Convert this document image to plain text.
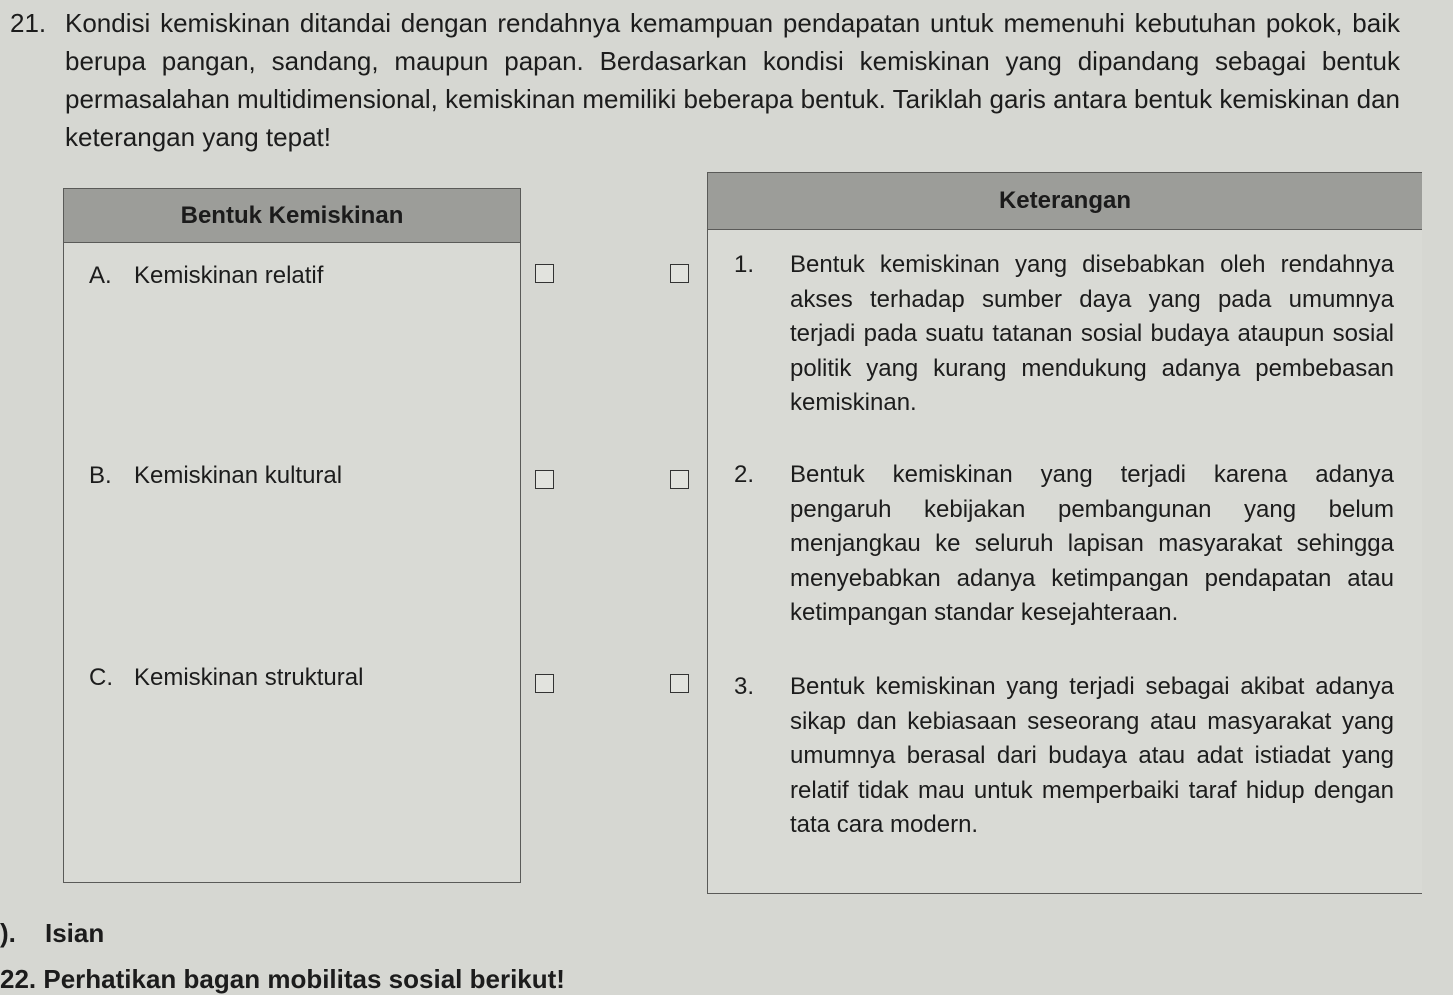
21. Kondisi kemiskinan ditandai dengan rendahnya kemampuan pendapatan untuk memenuhi kebutuhan pokok, baik berupa pangan, sandang, maupun papan. Berdasarkan kondisi kemiskinan yang dipandang sebagai bentuk permasalahan multidimensional, kemiskinan memiliki beberapa bentuk. Tariklah garis antara bentuk kemiskinan dan keterangan yang tepat!
Bentuk Kemiskinan
A. Kemiskinan relatif
B. Kemiskinan kultural
C. Kemiskinan struktural
Keterangan
1. Bentuk kemiskinan yang disebabkan oleh rendahnya akses terhadap sumber daya yang pada umumnya terjadi pada suatu tatanan sosial budaya ataupun sosial politik yang kurang mendukung adanya pembebasan kemiskinan.
2. Bentuk kemiskinan yang terjadi karena adanya pengaruh kebijakan pembangunan yang belum menjangkau ke seluruh lapisan masyarakat sehingga menyebabkan adanya ketimpangan pendapatan atau ketimpangan standar kesejahteraan.
3. Bentuk kemiskinan yang terjadi sebagai akibat adanya sikap dan kebiasaan seseorang atau masyarakat yang umumnya berasal dari budaya atau adat istiadat yang relatif tidak mau untuk memperbaiki taraf hidup dengan tata cara modern.
). Isian
22. Perhatikan bagan mobilitas sosial berikut!
